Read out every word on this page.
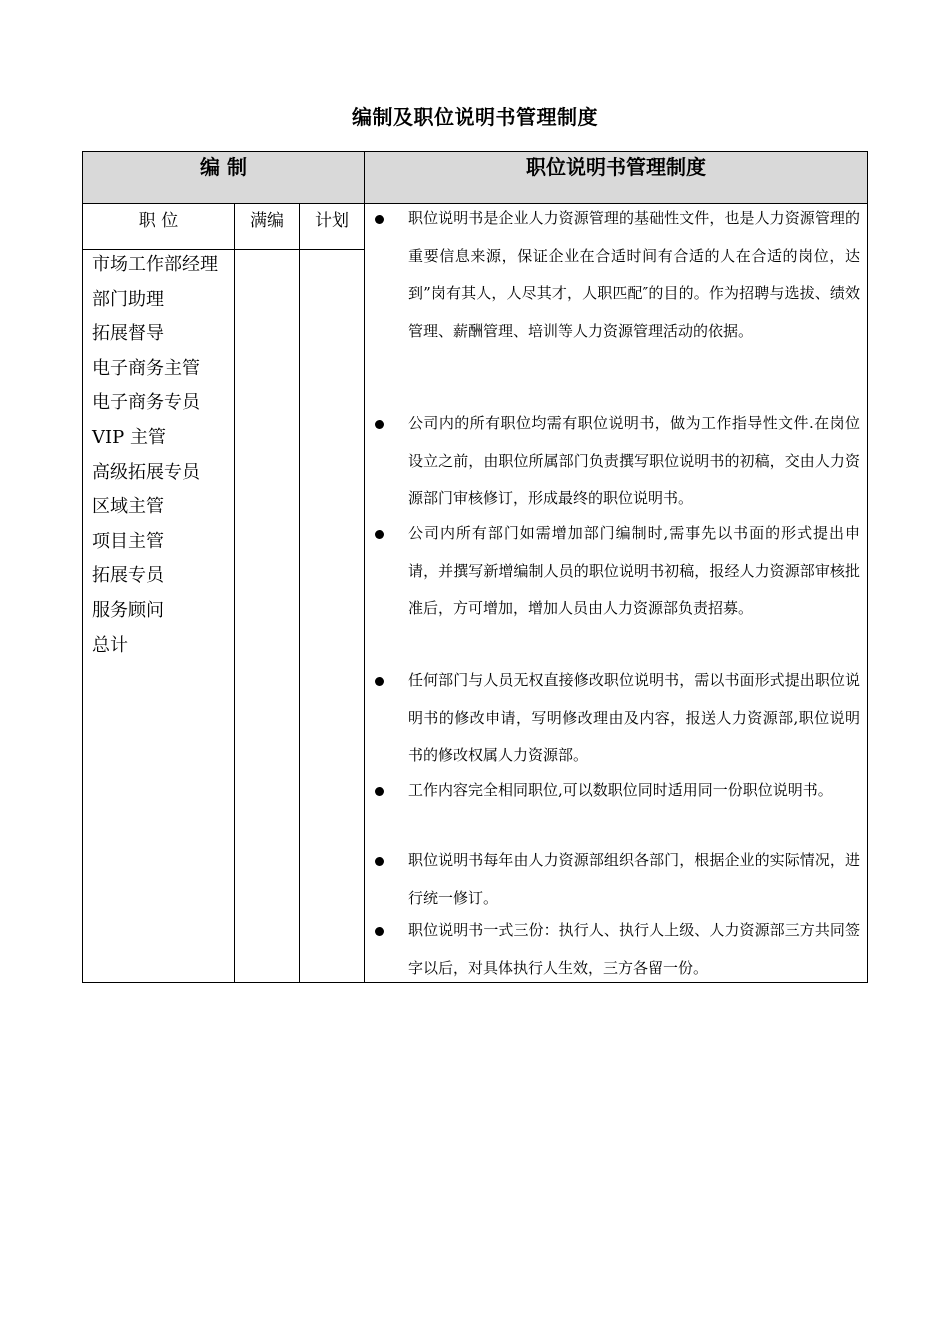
编制及职位说明书管理制度
编 制	职位说明书管理制度
职 位	满编	计划
市场工作部经理
部门助理
拓展督导
电子商务主管
电子商务专员
VIP 主管
高级拓展专员
区域主管
项目主管
拓展专员
服务顾问
总计
职位说明书是企业人力资源管理的基础性文件，也是人力资源管理的重要信息来源，保证企业在合适时间有合适的人在合适的岗位，达到”岗有其人，人尽其才，人职匹配″的目的。作为招聘与选拔、绩效管理、薪酬管理、培训等人力资源管理活动的依据。
公司内的所有职位均需有职位说明书，做为工作指导性文件.在岗位设立之前，由职位所属部门负责撰写职位说明书的初稿，交由人力资源部门审核修订，形成最终的职位说明书。
公司内所有部门如需增加部门编制时,需事先以书面的形式提出申请，并撰写新增编制人员的职位说明书初稿，报经人力资源部审核批准后，方可增加，增加人员由人力资源部负责招募。
任何部门与人员无权直接修改职位说明书，需以书面形式提出职位说明书的修改申请，写明修改理由及内容，报送人力资源部,职位说明书的修改权属人力资源部。
工作内容完全相同职位,可以数职位同时适用同一份职位说明书。
职位说明书每年由人力资源部组织各部门，根据企业的实际情况，进行统一修订。
职位说明书一式三份：执行人、执行人上级、人力资源部三方共同签字以后，对具体执行人生效，三方各留一份。
